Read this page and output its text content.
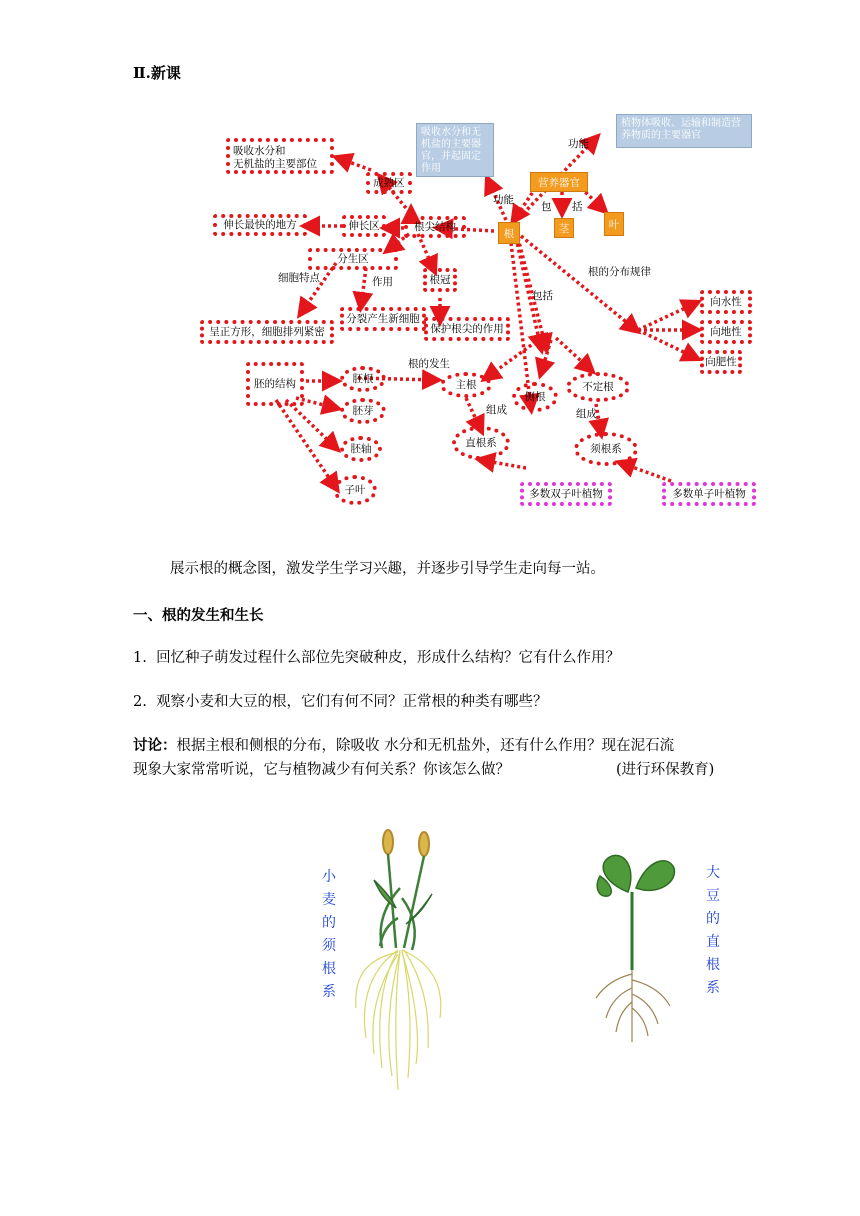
Ⅱ.新课
吸收水分和无机盐的主要器官，并起固定作用
。
植物体吸收、运输和制造营养物质的主要器官
功能
功能
营养器官
包 括
茎	叶
根
吸收水分和
无机盐的主要部位
成熟区
伸长最快的地方	伸长区	根尖结构
分生区
细胞特点	作用	根冠
呈正方形，细胞排列紧密
分裂产生新细胞
保护根尖的作用
包括
根的分布规律
向水性
向地性
向肥性
胚的结构	胚根
胚芽
胚轴
子叶
根的发生
主根
侧根
不定根
组成	组成
直根系	须根系
多数双子叶植物	多数单子叶植物
展示根的概念图，激发学生学习兴趣，并逐步引导学生走向每一站。
一、根的发生和生长
1. 回忆种子萌发过程什么部位先突破种皮，形成什么结构？它有什么作用？
2. 观察小麦和大豆的根，它们有何不同？正常根的种类有哪些？
讨论：根据主根和侧根的分布，除吸收 水分和无机盐外，还有什么作用？现在泥石流
现象大家常常听说，它与植物减少有何关系？你该怎么做？	(进行环保教育)
小
麦
的
须
根
系
大
豆
的
直
根
系
